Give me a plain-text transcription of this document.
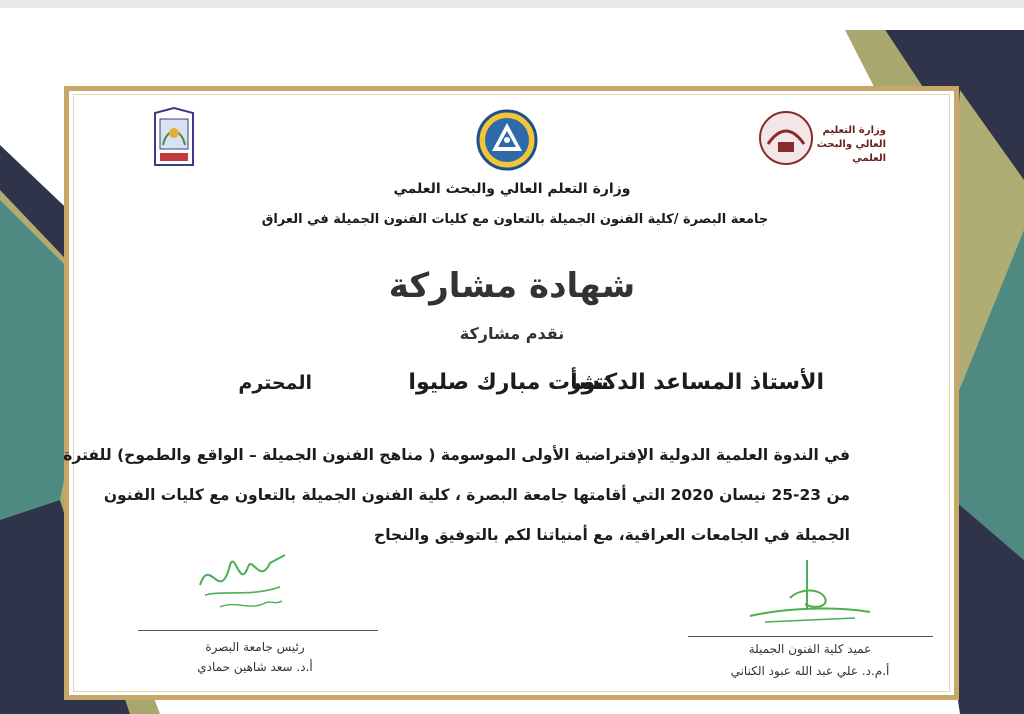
وزارة التعليم العالي والبحث العلمي
وزارة التعلم العالي والبحث العلمي
جامعة البصرة /كلية الفنون الجميلة بالتعاون مع كليات الفنون الجميلة في العراق
شهادة مشاركة
نقدم مشاركة
الأستاذ المساعد الدكتور
نشأت مبارك صليوا
المحترم
في الندوة العلمية الدولية الإفتراضية الأولى الموسومة ( مناهج الفنون الجميلة – الواقع والطموح) للفترة
من 23-25 نيسان 2020 التي أقامتها جامعة البصرة ، كلية الفنون الجميلة بالتعاون مع كليات الفنون
الجميلة في الجامعات العراقية، مع أمنياتنا لكم بالتوفيق والنجاح
رئيس جامعة البصرة
أ.د. سعد شاهين حمادي
عميد كلية الفنون الجميلة
أ.م.د. علي عبد الله عبود الكناني
